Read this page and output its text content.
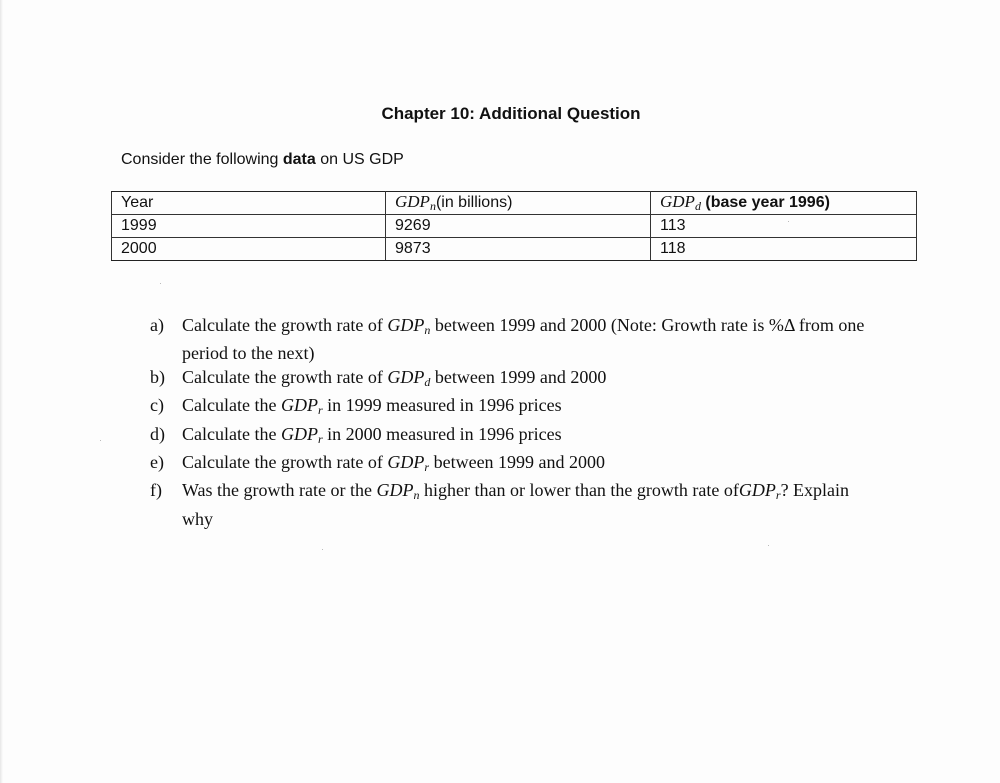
Chapter 10: Additional Question
Consider the following data on US GDP
Year	$GDP_n(in$ billions)	$GDP_d$ (base year 1996)
1999	9269	113
2000	9873	118
a)	Calculate the growth rate of $GDP_n$ between 1999 and 2000 (Note: Growth rate is %Δ from one period to the next)
b) Calculate the growth rate of $GDP_d$ between 1999 and 2000
c)	Calculate the $GDP_r$ in 1999 measured in 1996 prices
d) Calculate the $GDP_r$ in 2000 measured in 1996 prices
e)	Calculate the growth rate of $GDP_r$ between 1999 and 2000
f)	Was the growth rate or the $GDP_n$ higher than or lower than the growth rate ofGDP$_r$? Explain why
